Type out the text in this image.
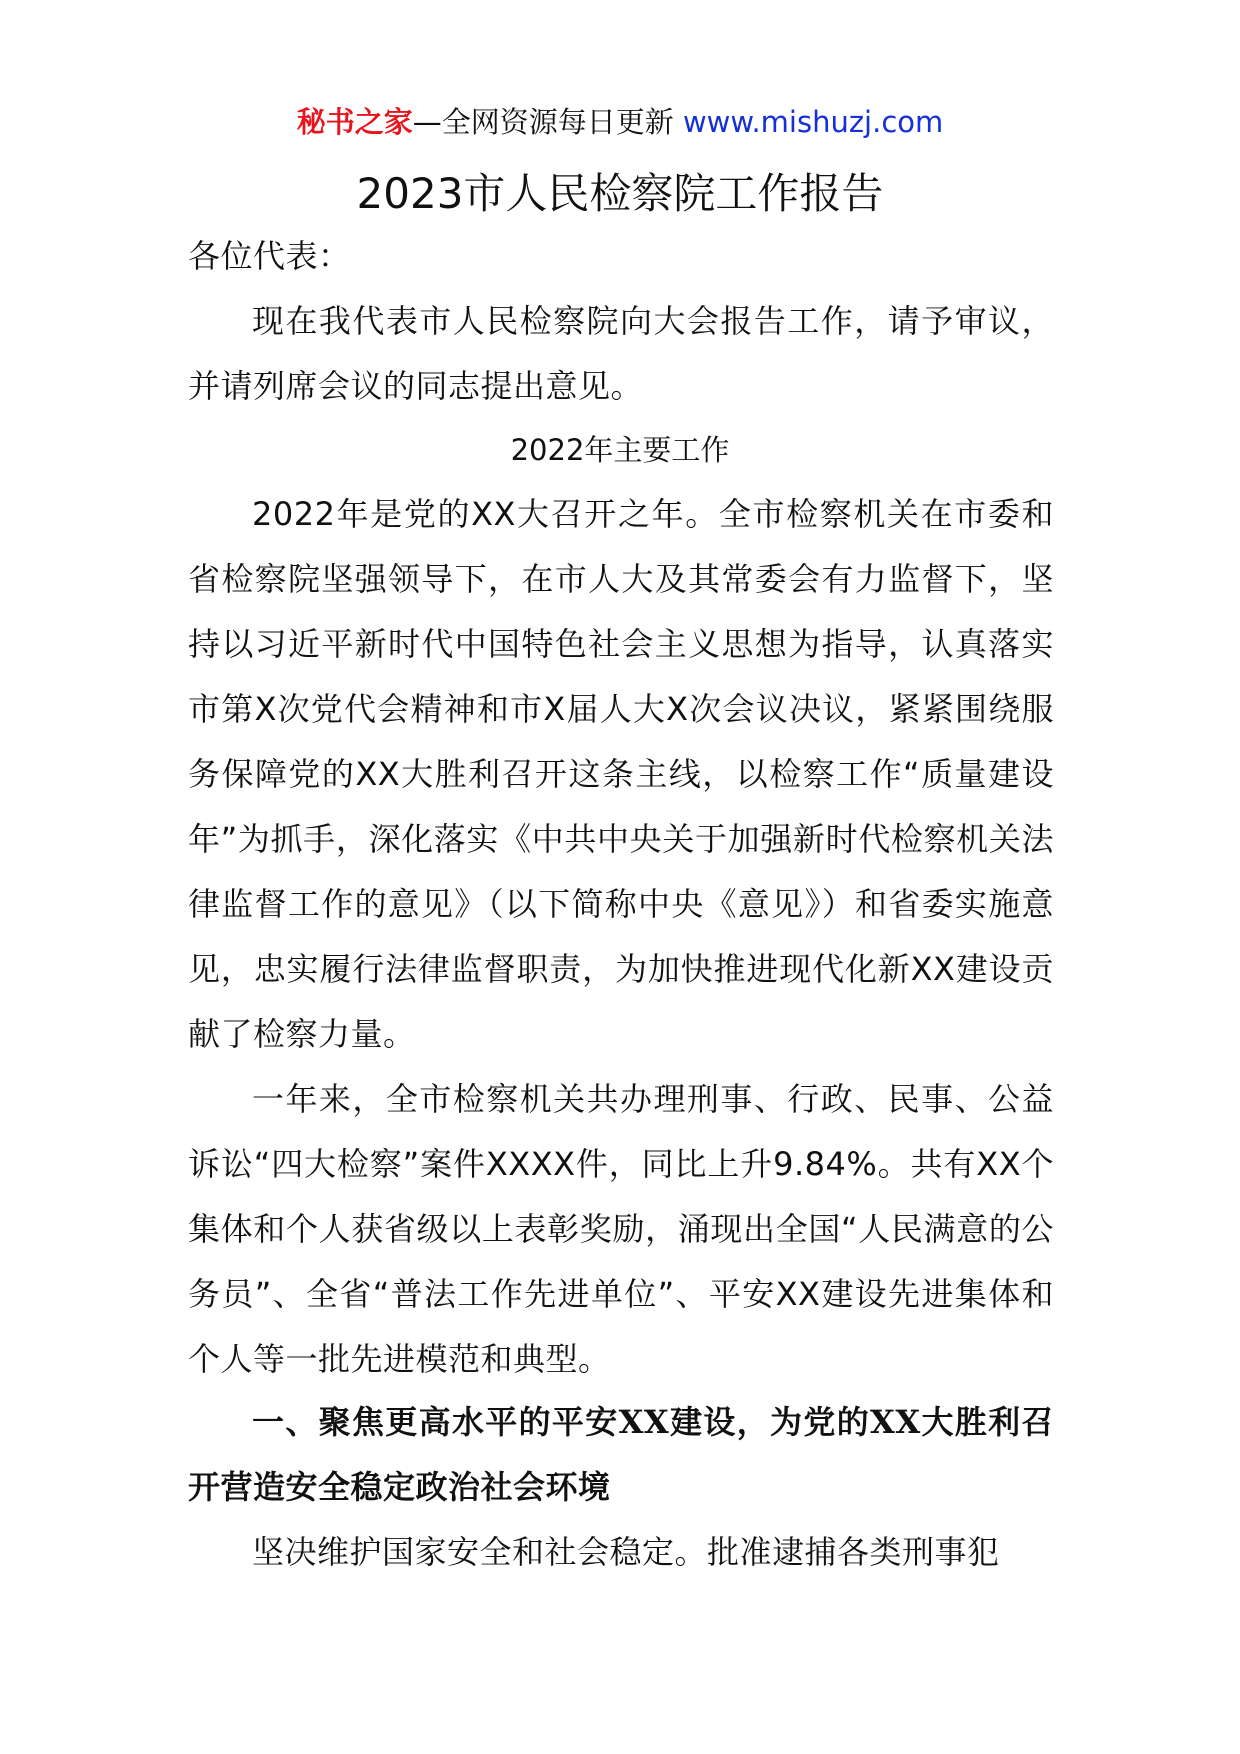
秘书之家—全网资源每日更新 www.mishuzj.com
2023市人民检察院工作报告

各位代表：

现在我代表市人民检察院向大会报告工作，请予审议，并请列席会议的同志提出意见。

2022年主要工作

2022年是党的XX大召开之年。全市检察机关在市委和省检察院坚强领导下，在市人大及其常委会有力监督下，坚持以习近平新时代中国特色社会主义思想为指导，认真落实市第X次党代会精神和市X届人大X次会议决议，紧紧围绕服务保障党的XX大胜利召开这条主线，以检察工作“质量建设年”为抓手，深化落实《中共中央关于加强新时代检察机关法律监督工作的意见》（以下简称中央《意见》）和省委实施意见，忠实履行法律监督职责，为加快推进现代化新XX建设贡献了检察力量。

一年来，全市检察机关共办理刑事、行政、民事、公益诉讼“四大检察”案件XXXX件，同比上升9.84%。共有XX个集体和个人获省级以上表彰奖励，涌现出全国“人民满意的公务员”、全省“普法工作先进单位”、平安XX建设先进集体和个人等一批先进模范和典型。

一、聚焦更高水平的平安XX建设，为党的XX大胜利召开营造安全稳定政治社会环境

坚决维护国家安全和社会稳定。批准逮捕各类刑事犯
